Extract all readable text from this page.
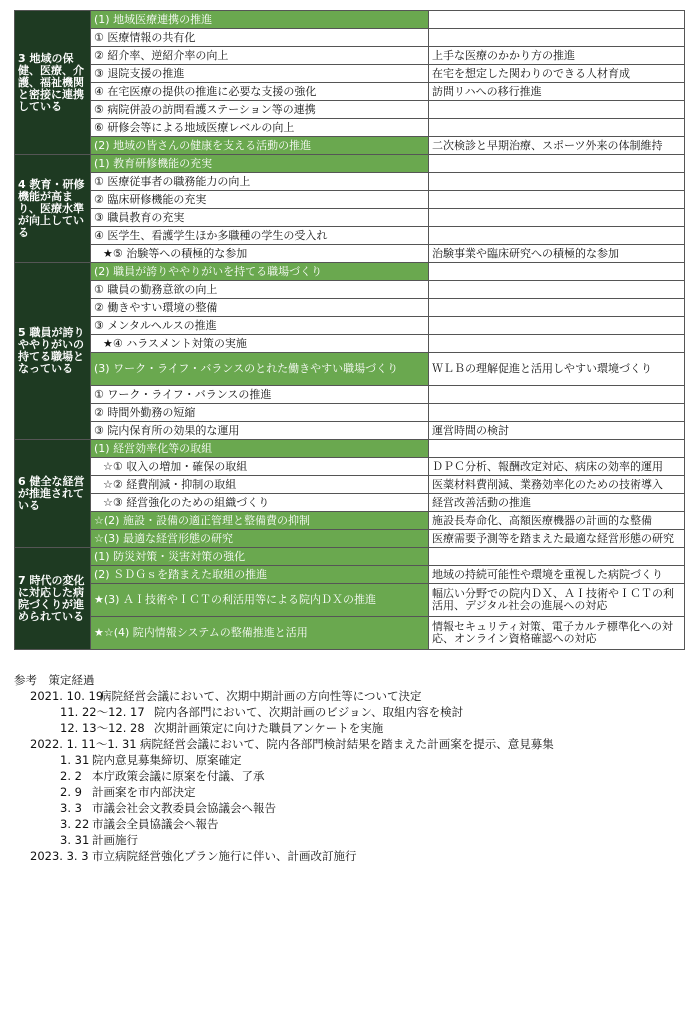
3 地域の保健、医療、介護、福祉機関と密接に連携している	(1) 地域医療連携の推進	
	① 医療情報の共有化	
	② 紹介率、逆紹介率の向上	上手な医療のかかり方の推進
	③ 退院支援の推進	在宅を想定した関わりのできる人材育成
	④ 在宅医療の提供の推進に必要な支援の強化	訪問リハへの移行推進
	⑤ 病院併設の訪問看護ステーション等の連携	
	⑥ 研修会等による地域医療レベルの向上	
	(2) 地域の皆さんの健康を支える活動の推進	二次検診と早期治療、スポーツ外来の体制維持
4 教育・研修機能が高まり、医療水準が向上している	(1) 教育研修機能の充実	
	① 医療従事者の職務能力の向上	
	② 臨床研修機能の充実	
	③ 職員教育の充実	
	④ 医学生、看護学生ほか多職種の学生の受入れ	
	★⑤ 治験等への積極的な参加	治験事業や臨床研究への積極的な参加
5 職員が誇りややりがいの持てる職場となっている	(2) 職員が誇りややりがいを持てる職場づくり	
	① 職員の勤務意欲の向上	
	② 働きやすい環境の整備	
	③ メンタルヘルスの推進	
	★④ ハラスメント対策の実施	
	(3) ワーク・ライフ・バランスのとれた働きやすい職場づくり	ＷＬＢの理解促進と活用しやすい環境づくり
	① ワーク・ライフ・バランスの推進	
	② 時間外勤務の短縮	
	③ 院内保育所の効果的な運用	運営時間の検討
6 健全な経営が推進されている	(1) 経営効率化等の取組	
	☆① 収入の増加・確保の取組	ＤＰＣ分析、報酬改定対応、病床の効率的運用
	☆② 経費削減・抑制の取組	医薬材料費削減、業務効率化のための技術導入
	☆③ 経営強化のための組織づくり	経営改善活動の推進
	☆(2) 施設・設備の適正管理と整備費の抑制	施設長寿命化、高額医療機器の計画的な整備
	☆(3) 最適な経営形態の研究	医療需要予測等を踏まえた最適な経営形態の研究
7 時代の変化に対応した病院づくりが進められている	(1) 防災対策・災害対策の強化	
	(2) ＳＤＧｓを踏まえた取組の推進	地域の持続可能性や環境を重視した病院づくり
	★(3) ＡＩ技術やＩＣＴの利活用等による院内ＤＸの推進	幅広い分野での院内ＤＸ、ＡＩ技術やＩＣＴの利活用、デジタル社会の進展への対応
	★☆(4) 院内情報システムの整備推進と活用	情報セキュリティ対策、電子カルテ標準化への対応、オンライン資格確認への対応
参考　策定経過
2021. 10. 19病院経営会議において、次期中期計画の方向性等について決定
11. 22～12. 17 院内各部門において、次期計画のビジョン、取組内容を検討
12. 13～12. 28 次期計画策定に向けた職員アンケートを実施
2022. 1. 11～1. 31 病院経営会議において、院内各部門検討結果を踏まえた計画案を提示、意見募集
1. 31 院内意見募集締切、原案確定
2. 2 本庁政策会議に原案を付議、了承
2. 9 計画案を市内部決定
3. 3 市議会社会文教委員会協議会へ報告
3. 22 市議会全員協議会へ報告
3. 31 計画施行
2023. 3. 3 市立病院経営強化プラン施行に伴い、計画改訂施行
